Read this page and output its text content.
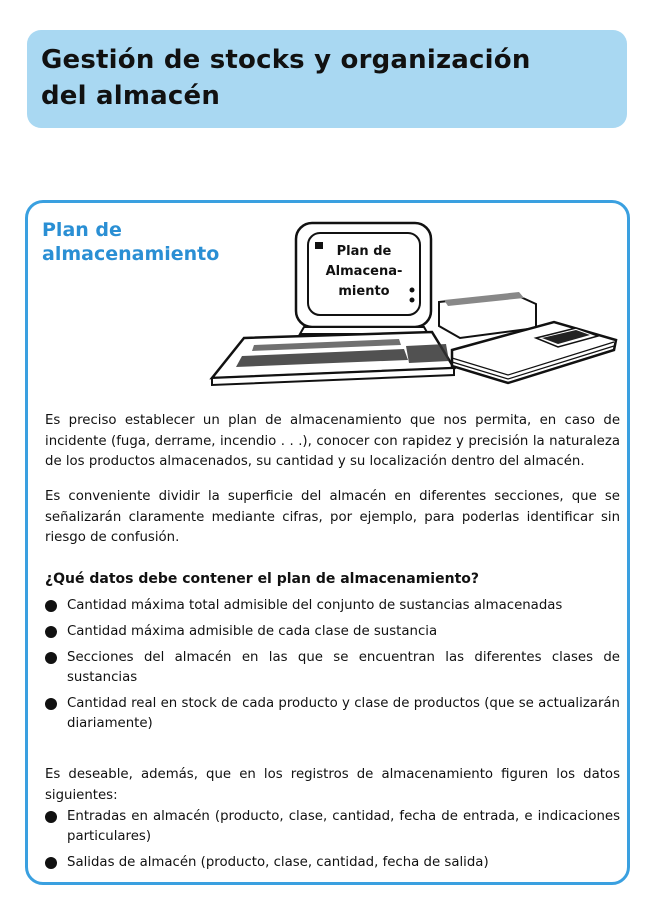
Gestión de stocks y organización
del almacén
Plan de
almacenamiento	Plan de
Almacena-
miento
Es preciso establecer un plan de almacenamiento que nos permita, en caso de incidente (fuga, derrame, incendio . . .), conocer con rapidez y precisión la naturaleza de los productos almacenados, su cantidad y su localización dentro del almacén.
Es conveniente dividir la superficie del almacén en diferentes secciones, que se señalizarán claramente mediante cifras, por ejemplo, para poderlas identificar sin riesgo de confusión.
¿Qué datos debe contener el plan de almacenamiento?
Cantidad máxima total admisible del conjunto de sustancias almacenadas
Cantidad máxima admisible de cada clase de sustancia
Secciones del almacén en las que se encuentran las diferentes clases de sustancias
Cantidad real en stock de cada producto y clase de productos (que se actualizarán diariamente)
Es deseable, además, que en los registros de almacenamiento figuren los datos siguientes:
Entradas en almacén (producto, clase, cantidad, fecha de entrada, e indicaciones particulares)
Salidas de almacén (producto, clase, cantidad, fecha de salida)
